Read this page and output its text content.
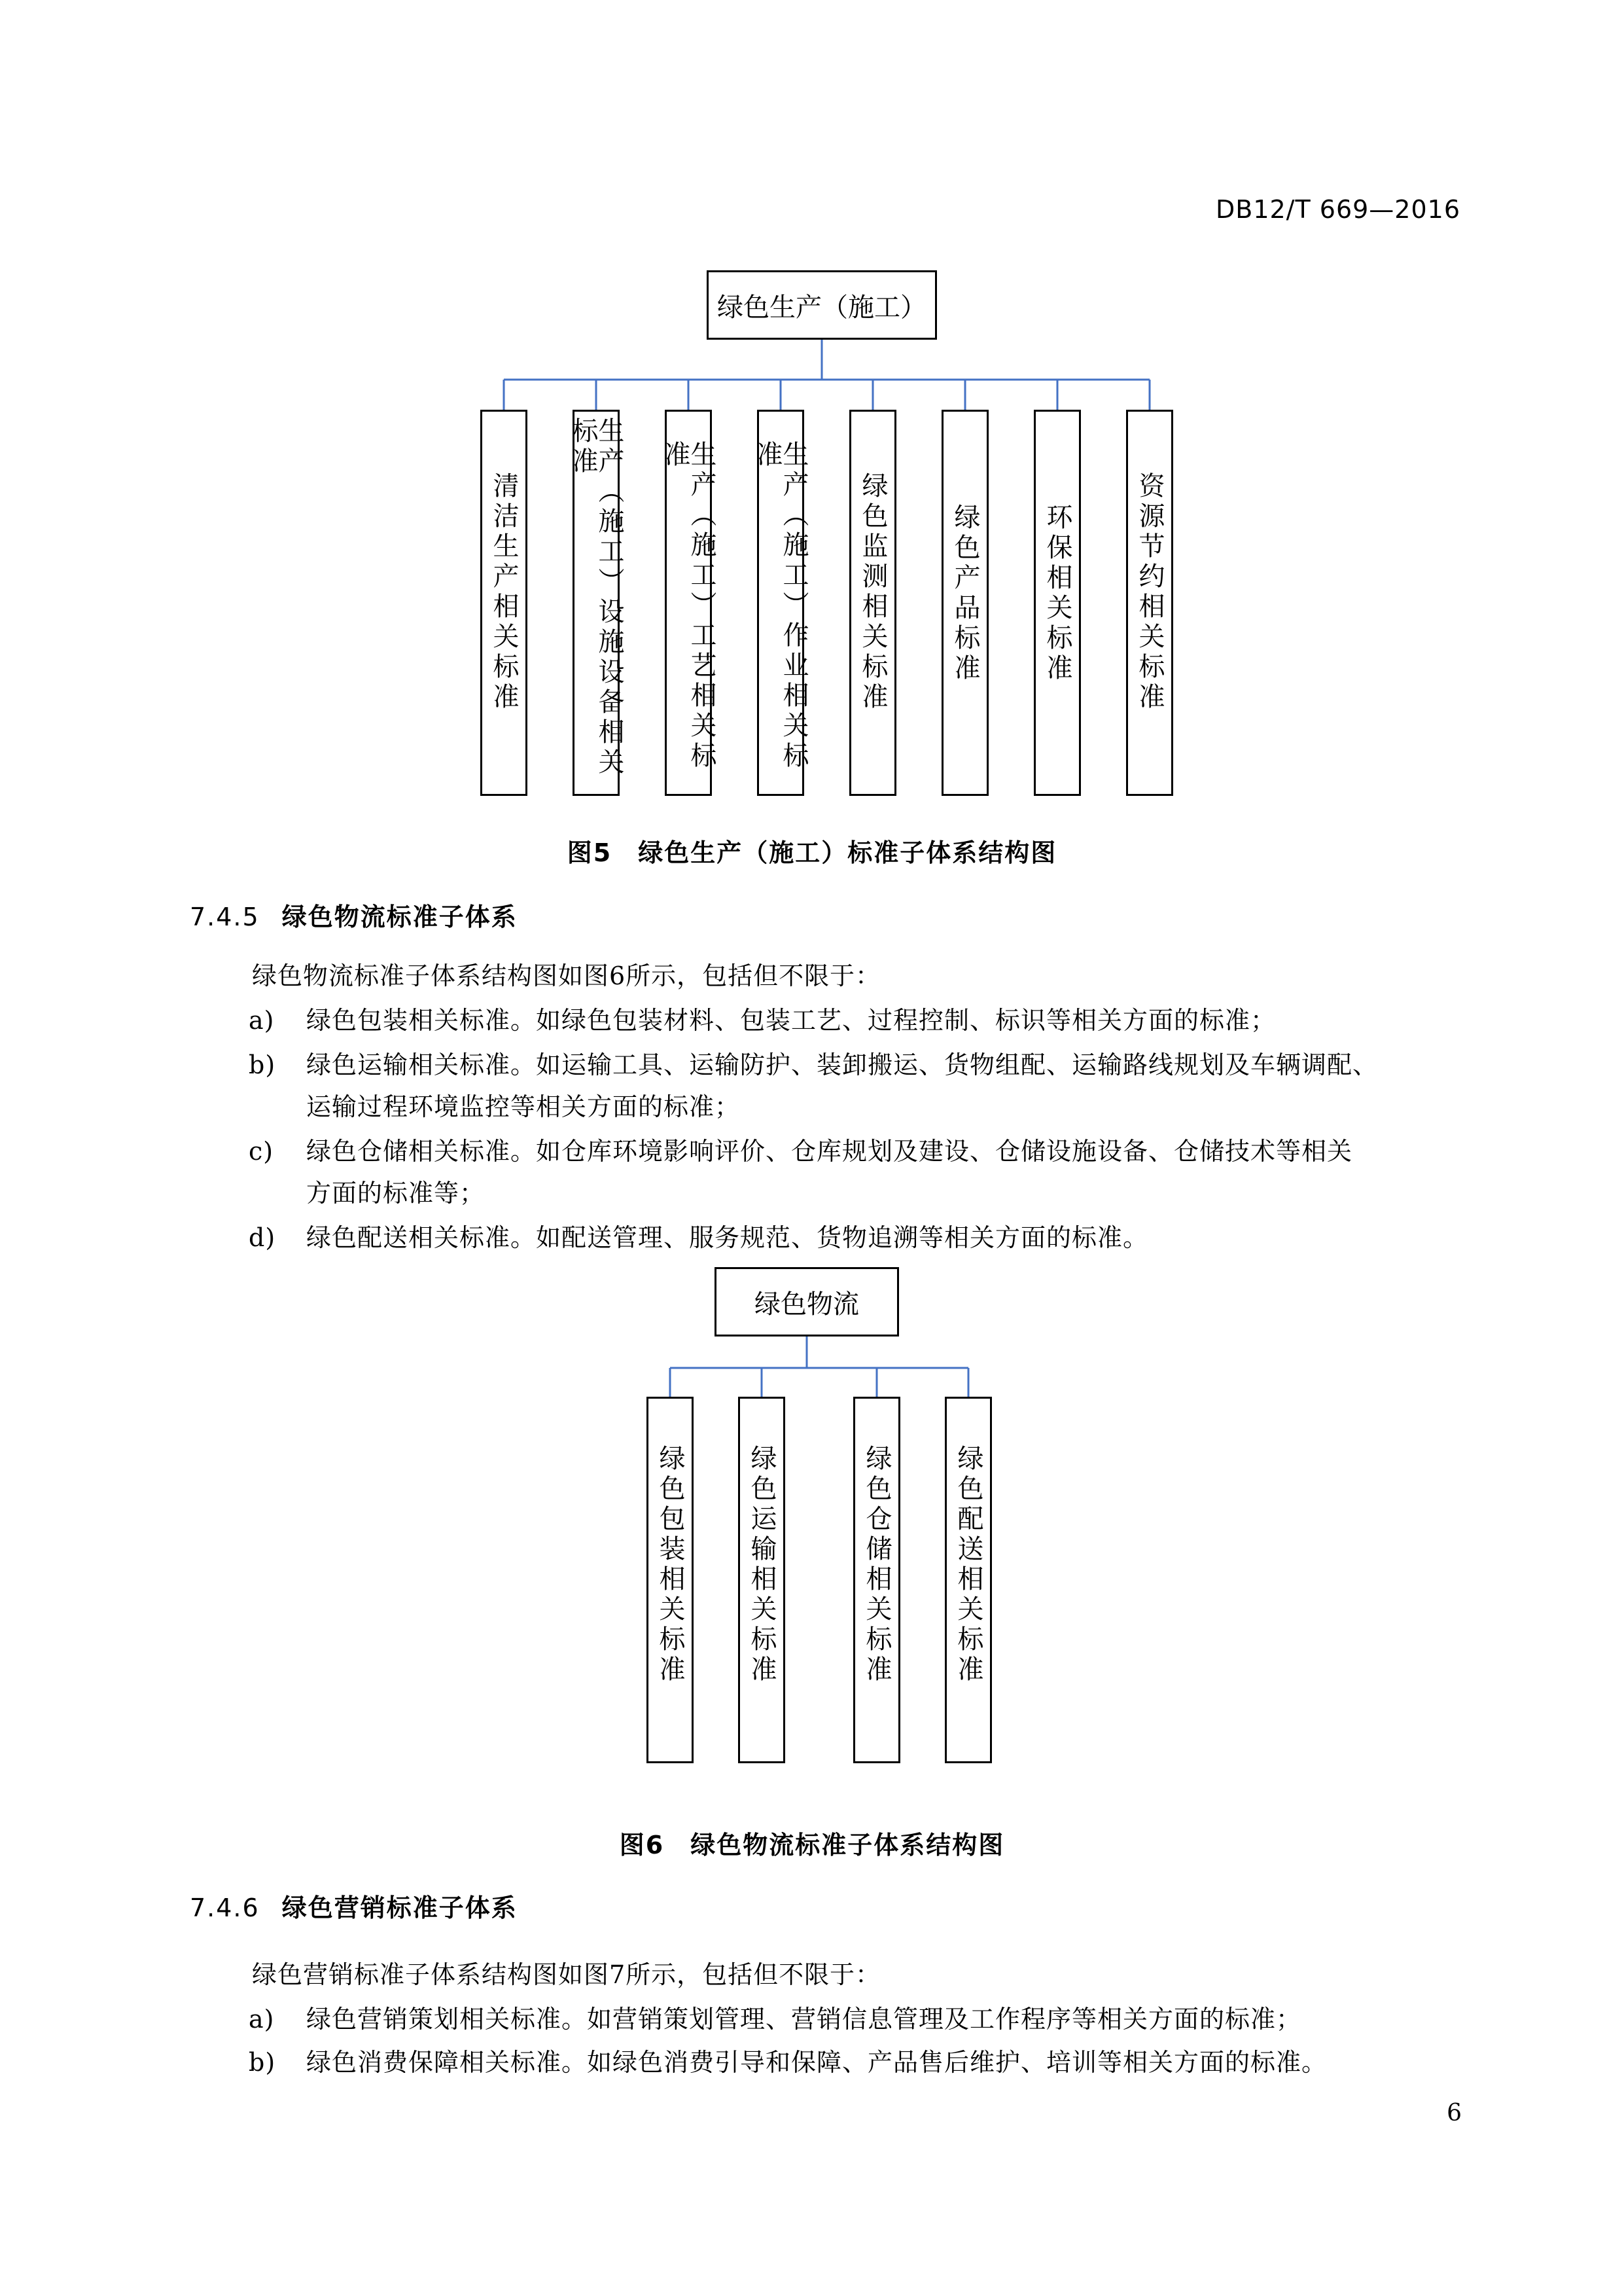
DB12/T 669—2016
绿色生产（施工）
清洁生产相关标准	生产（施工）设施设备相关标准	生产（施工）工艺相关标准	生产（施工）作业相关标准
绿色监测相关标准 绿色产品标准 环保相关标准 资源节约相关标准
图5　绿色生产（施工）标准子体系结构图
7.4.5 绿色物流标准子体系
绿色物流标准子体系结构图如图6所示，包括但不限于：
a) 绿色包装相关标准。如绿色包装材料、包装工艺、过程控制、标识等相关方面的标准；
b) 绿色运输相关标准。如运输工具、运输防护、装卸搬运、货物组配、运输路线规划及车辆调配、
运输过程环境监控等相关方面的标准；
c) 绿色仓储相关标准。如仓库环境影响评价、仓库规划及建设、仓储设施设备、仓储技术等相关
方面的标准等；
d) 绿色配送相关标准。如配送管理、服务规范、货物追溯等相关方面的标准。
绿色物流
绿色包装相关标准 绿色运输相关标准	绿色仓储相关标准 绿色配送相关标准
图6　绿色物流标准子体系结构图
7.4.6 绿色营销标准子体系
绿色营销标准子体系结构图如图7所示，包括但不限于：
a) 绿色营销策划相关标准。如营销策划管理、营销信息管理及工作程序等相关方面的标准；
b) 绿色消费保障相关标准。如绿色消费引导和保障、产品售后维护、培训等相关方面的标准。
6
